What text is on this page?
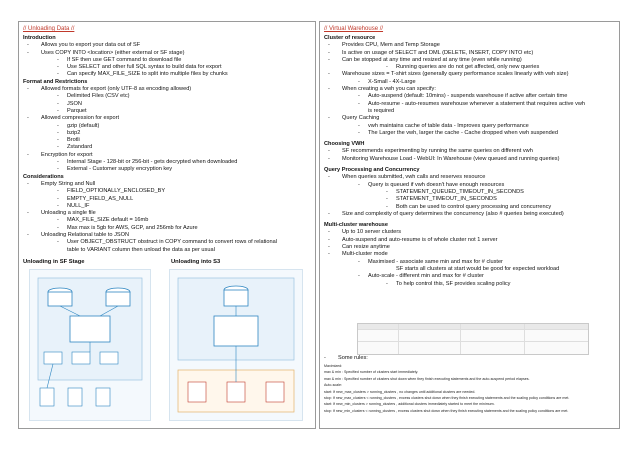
// Unloading Data //
Introduction
- Allows you to export your data out of SF
- Uses COPY INTO <location> (either external or SF stage)
- If SF then use GET command to download file
- Use SELECT and other full SQL syntax to build data for export
- Can specify MAX_FILE_SIZE to split into multiple files by chunks
Format and Restrictions
- Allowed formats for export (only UTF-8 as encoding allowed)
- Delimited Files (CSV etc)
- JSON
- Parquet
- Allowed compression for export
- gzip (default)
- bzip2
- Brotli
- Zstandard
- Encryption for export
- Internal Stage - 128-bit or 256-bit - gets decrypted when downloaded
- External - Customer supply encryption key
Considerations
- Empty String and Null
- FIELD_OPTIONALLY_ENCLOSED_BY
- EMPTY_FIELD_AS_NULL
- NULL_IF
- Unloading a single file
- MAX_FILE_SIZE default = 16mb
- Max max is 5gb for AWS, GCP, and 256mb for Azure
- Unloading Relational table to JSON
- User OBJECT_OBSTRUCT obstruct in COPY command to convert rows of relational
table to VARIANT column then unload the data as per usual
Unloading in SF Stage	Unloading into S3
// Virtual Warehouse //
Cluster of resource
- Provides CPU, Mem and Temp Storage
- Is active on usage of SELECT and DML (DELETE, INSERT, COPY INTO etc)
- Can be stopped at any time and resized at any time (even while running)
- Running queries are do not get affected, only new queries
- Warehouse sizes = T-shirt sizes (generally query performance scales linearly with vwh size)
- X-Small - 4X-Large
- When creating a vwh you can specify:
- Auto-suspend (default: 10mins) - suspends warehouse if active after certain time
- Auto-resume - auto-resumes warehouse whenever a statement that requires active vwh
is required
- Query Caching
- vwh maintains cache of table data - Improves query performance
- The Larger the vwh, larger the cache - Cache dropped when vwh suspended
Choosing VWH
- SF recommends experimenting by running the same queries on different vwh
- Monitoring Warehouse Load - WebUI: In Warehouse (view queued and running queries)
Query Processing and Concurrency
- When queries submitted, vwh calls and reserves resource
- Query is queued if vwh doesn't have enough resources
- STATEMENT_QUEUED_TIMEOUT_IN_SECONDS
- STATEMENT_TIMEOUT_IN_SECONDS
- Both can be used to control query processing and concurrency
- Size and complexity of query determines the concurrency (also # queries being executed)
Multi-cluster warehouse
- Up to 10 server clusters
- Auto-suspend and auto-resume is of whole cluster not 1 server
- Can resize anytime
- Multi-cluster mode
- Maximised - associate same min and max for # cluster
SF starts all clusters at start would be good for expected workload
- Auto-scale - different min and max for # cluster
- To help control this, SF provides scaling policy
- Some rules:
Maximized:
max & min : Specified number of clusters start immediately.
max & min : Specified number of clusters shut down when they finish executing statements and the auto-suspend period elapses.
Auto-scale:
start: If new_max_clusters > running_clusters , no changes until additional clusters are needed.
stop: If new_max_clusters < running_clusters , excess clusters shut down when they finish executing statements and the scaling policy conditions are met.
start: If new_min_clusters > running_clusters , additional clusters immediately started to meet the minimum.
stop: If new_min_clusters < running_clusters , excess clusters shut down when they finish executing statements and the scaling policy conditions are met.
